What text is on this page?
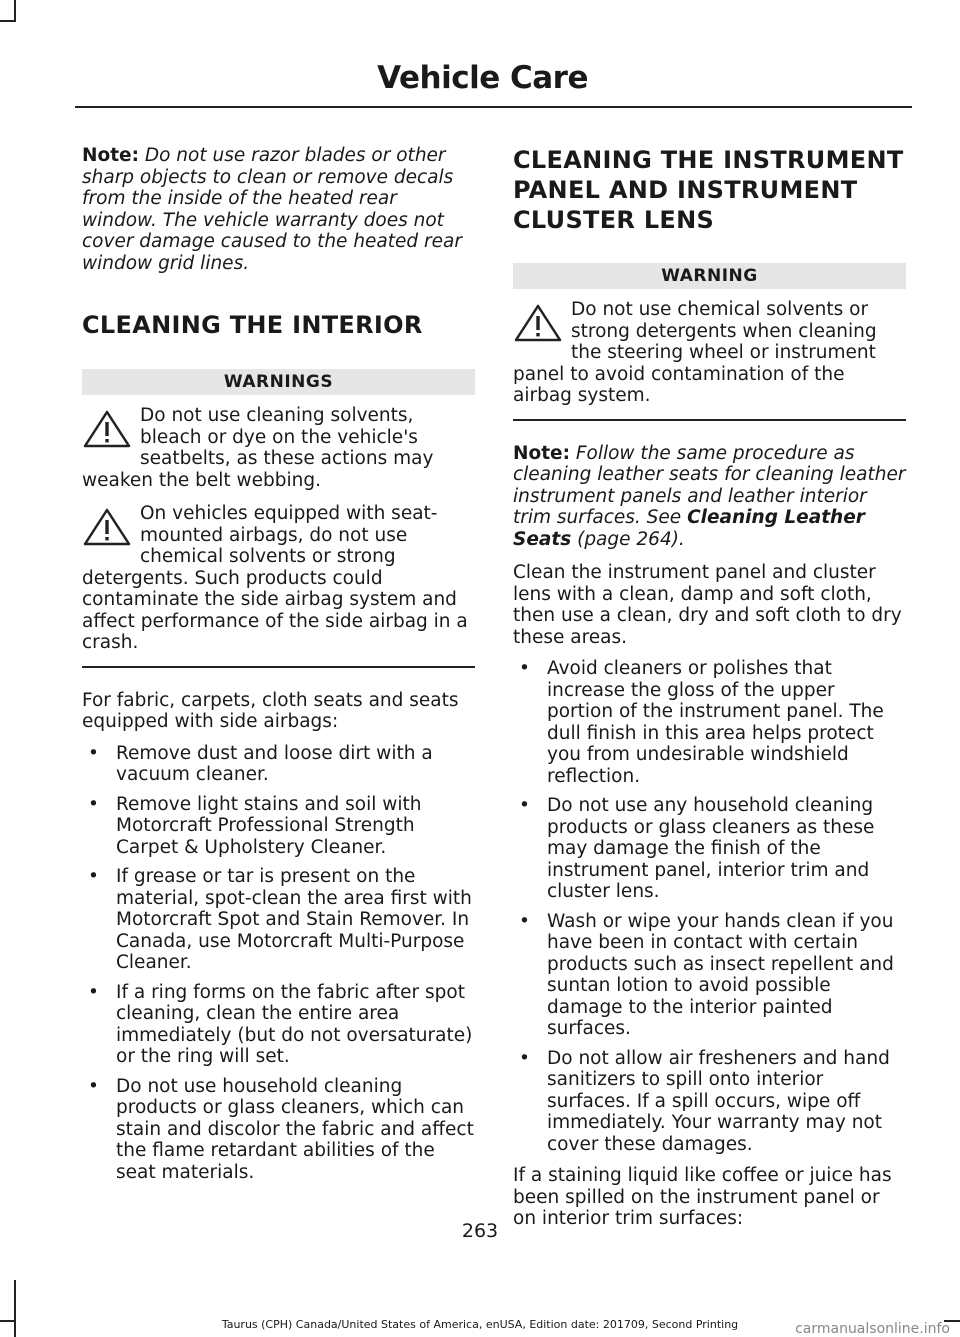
Vehicle Care

Note: Do not use razor blades or other sharp objects to clean or remove decals from the inside of the heated rear window. The vehicle warranty does not cover damage caused to the heated rear window grid lines.

CLEANING THE INTERIOR
WARNINGS

Do not use cleaning solvents, bleach or dye on the vehicle's seatbelts, as these actions may weaken the belt webbing.

On vehicles equipped with seat-mounted airbags, do not use chemical solvents or strong detergents. Such products could contaminate the side airbag system and affect performance of the side airbag in a crash.

For fabric, carpets, cloth seats and seats equipped with side airbags:

• Remove dust and loose dirt with a vacuum cleaner.
• Remove light stains and soil with Motorcraft Professional Strength Carpet & Upholstery Cleaner.
• If grease or tar is present on the material, spot-clean the area first with Motorcraft Spot and Stain Remover. In Canada, use Motorcraft Multi-Purpose Cleaner.
• If a ring forms on the fabric after spot cleaning, clean the entire area immediately (but do not oversaturate) or the ring will set.
• Do not use household cleaning products or glass cleaners, which can stain and discolor the fabric and affect the flame retardant abilities of the seat materials.
CLEANING THE INSTRUMENT PANEL AND INSTRUMENT CLUSTER LENS
WARNING

Do not use chemical solvents or strong detergents when cleaning the steering wheel or instrument panel to avoid contamination of the airbag system.

Note: Follow the same procedure as cleaning leather seats for cleaning leather instrument panels and leather interior trim surfaces. See Cleaning Leather Seats (page 264).

Clean the instrument panel and cluster lens with a clean, damp and soft cloth, then use a clean, dry and soft cloth to dry these areas.

• Avoid cleaners or polishes that increase the gloss of the upper portion of the instrument panel. The dull finish in this area helps protect you from undesirable windshield reflection.
• Do not use any household cleaning products or glass cleaners as these may damage the finish of the instrument panel, interior trim and cluster lens.
• Wash or wipe your hands clean if you have been in contact with certain products such as insect repellent and suntan lotion to avoid possible damage to the interior painted surfaces.
• Do not allow air fresheners and hand sanitizers to spill onto interior surfaces. If a spill occurs, wipe off immediately. Your warranty may not cover these damages.

If a staining liquid like coffee or juice has been spilled on the instrument panel or on interior trim surfaces:

263
Taurus (CPH) Canada/United States of America, enUSA, Edition date: 201709, Second Printing	carmanualsonline.info
